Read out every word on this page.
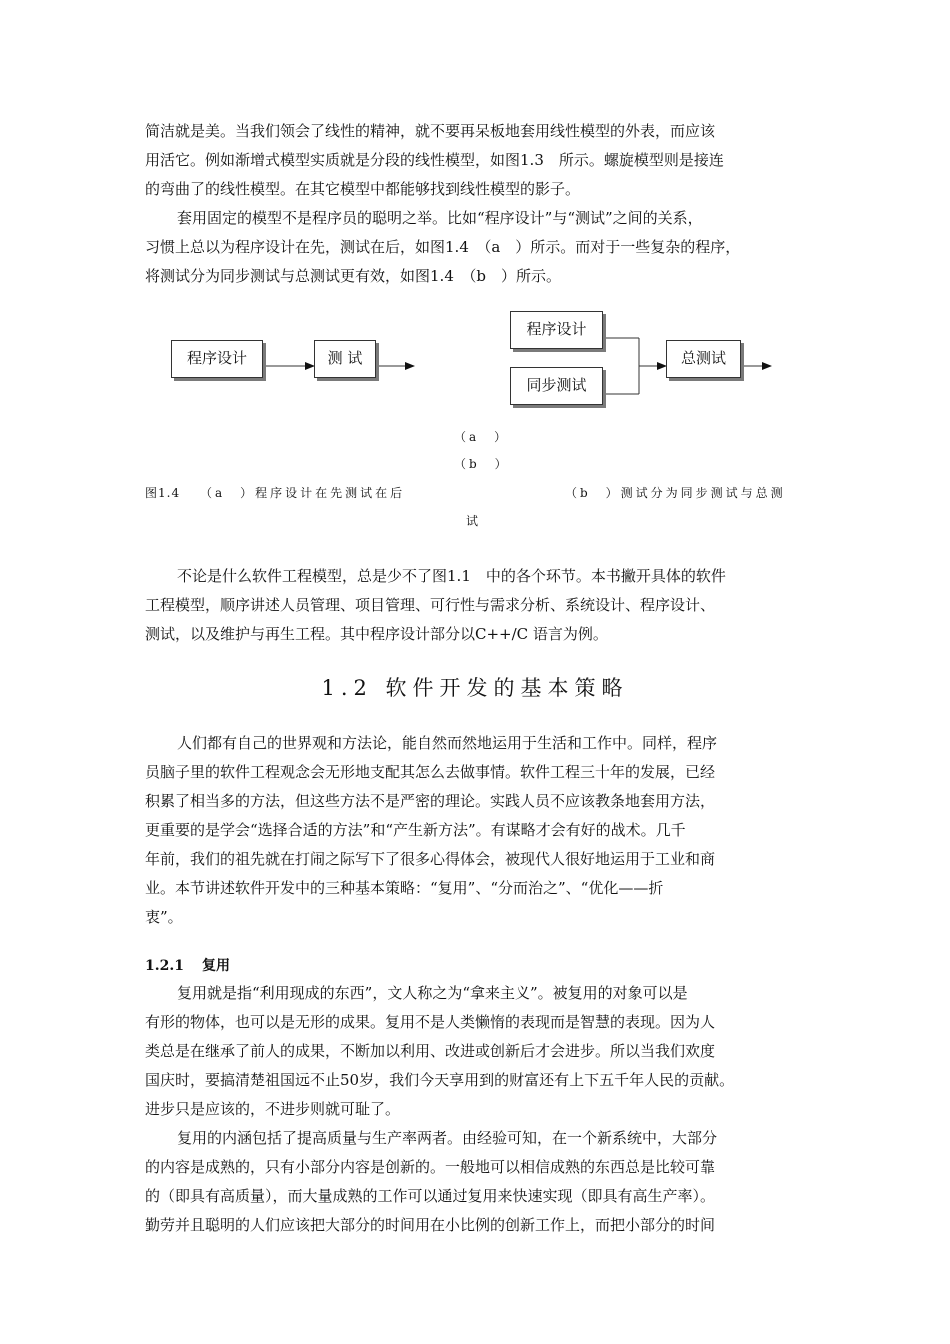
简洁就是美。当我们领会了线性的精神，就不要再呆板地套用线性模型的外表，而应该
用活它。例如渐增式模型实质就是分段的线性模型，如图1.3　所示。螺旋模型则是接连
的弯曲了的线性模型。在其它模型中都能够找到线性模型的影子。
套用固定的模型不是程序员的聪明之举。比如“程序设计”与“测试”之间的关系，
习惯上总以为程序设计在先，测试在后，如图1.4　（a　）所示。而对于一些复杂的程序，
将测试分为同步测试与总测试更有效，如图1.4　（b　）所示。
程序设计	测 试
程序设计
同步测试
总测试
（a　）
（b　）
图1.4 （a　）程序设计在先测试在后	（b　）测试分为同步测试与总测
试
不论是什么软件工程模型，总是少不了图1.1　中的各个环节。本书撇开具体的软件
工程模型，顺序讲述人员管理、项目管理、可行性与需求分析、系统设计、程序设计、
测试，以及维护与再生工程。其中程序设计部分以C++/C 语言为例。
1.2 软件开发的基本策略
人们都有自己的世界观和方法论，能自然而然地运用于生活和工作中。同样，程序
员脑子里的软件工程观念会无形地支配其怎么去做事情。软件工程三十年的发展，已经
积累了相当多的方法，但这些方法不是严密的理论。实践人员不应该教条地套用方法，
更重要的是学会“选择合适的方法”和“产生新方法”。有谋略才会有好的战术。几千
年前，我们的祖先就在打闹之际写下了很多心得体会，被现代人很好地运用于工业和商
业。本节讲述软件开发中的三种基本策略：“复用”、“分而治之”、“优化——折
衷”。
1.2.1 复用
复用就是指“利用现成的东西”，文人称之为“拿来主义”。被复用的对象可以是
有形的物体，也可以是无形的成果。复用不是人类懒惰的表现而是智慧的表现。因为人
类总是在继承了前人的成果，不断加以利用、改进或创新后才会进步。所以当我们欢度
国庆时，要搞清楚祖国远不止50岁，我们今天享用到的财富还有上下五千年人民的贡献。
进步只是应该的，不进步则就可耻了。
复用的内涵包括了提高质量与生产率两者。由经验可知，在一个新系统中，大部分
的内容是成熟的，只有小部分内容是创新的。一般地可以相信成熟的东西总是比较可靠
的（即具有高质量），而大量成熟的工作可以通过复用来快速实现（即具有高生产率）。
勤劳并且聪明的人们应该把大部分的时间用在小比例的创新工作上，而把小部分的时间
